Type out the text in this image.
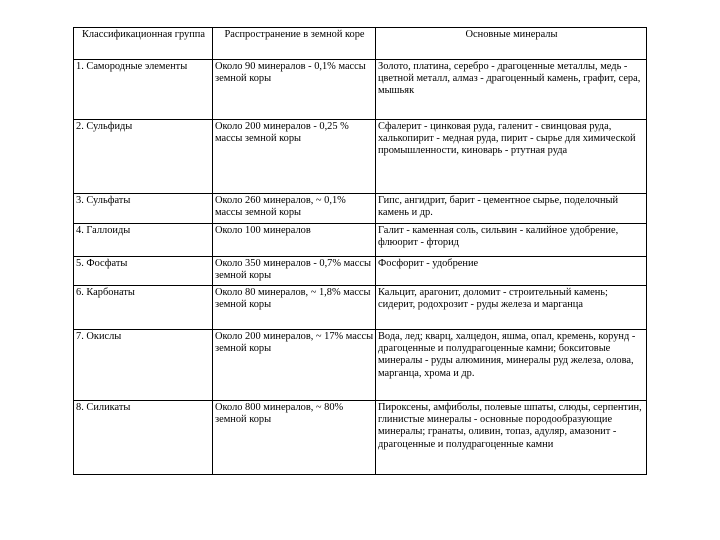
Классификационная группа	Распространение в земной коре	Основные минералы
1. Самородные элементы	Около 90 минералов - 0,1% массы земной коры	Золото, платина, серебро - драгоценные металлы, медь - цветной металл, алмаз - драгоценный камень, графит, сера, мышьяк
2. Сульфиды	Около 200 минералов - 0,25 % массы земной коры	Сфалерит - цинковая руда, галенит - свинцовая руда, халькопирит - медная руда, пирит - сырье для химической промышленности, киноварь - ртутная руда
3. Сульфаты	Около 260 минералов, ~ 0,1% массы земной коры	Гипс, ангидрит, барит - цементное сырье, поделочный камень и др.
4. Галлоиды	Около 100 минералов	Галит - каменная соль, сильвин - калийное удобрение, флюорит - фторид
5. Фосфаты	Около 350 минералов - 0,7% массы земной коры	Фосфорит - удобрение
6. Карбонаты	Около 80 минералов, ~ 1,8% массы земной коры	Кальцит, арагонит, доломит - строительный камень; сидерит, родохрозит - руды железа и марганца
7. Окислы	Около 200 минералов, ~ 17% массы земной коры	Вода, лед; кварц, халцедон, яшма, опал, кремень, корунд - драгоценные и полудрагоценные камни; бокситовые минералы - руды алюминия, минералы руд железа, олова, марганца, хрома и др.
8. Силикаты	Около 800 минералов, ~ 80% земной коры	Пироксены, амфиболы, полевые шпаты, слюды, серпентин, глинистые минералы - основные породообразующие минералы; гранаты, оливин, топаз, адуляр, амазонит - драгоценные и полудрагоценные камни
